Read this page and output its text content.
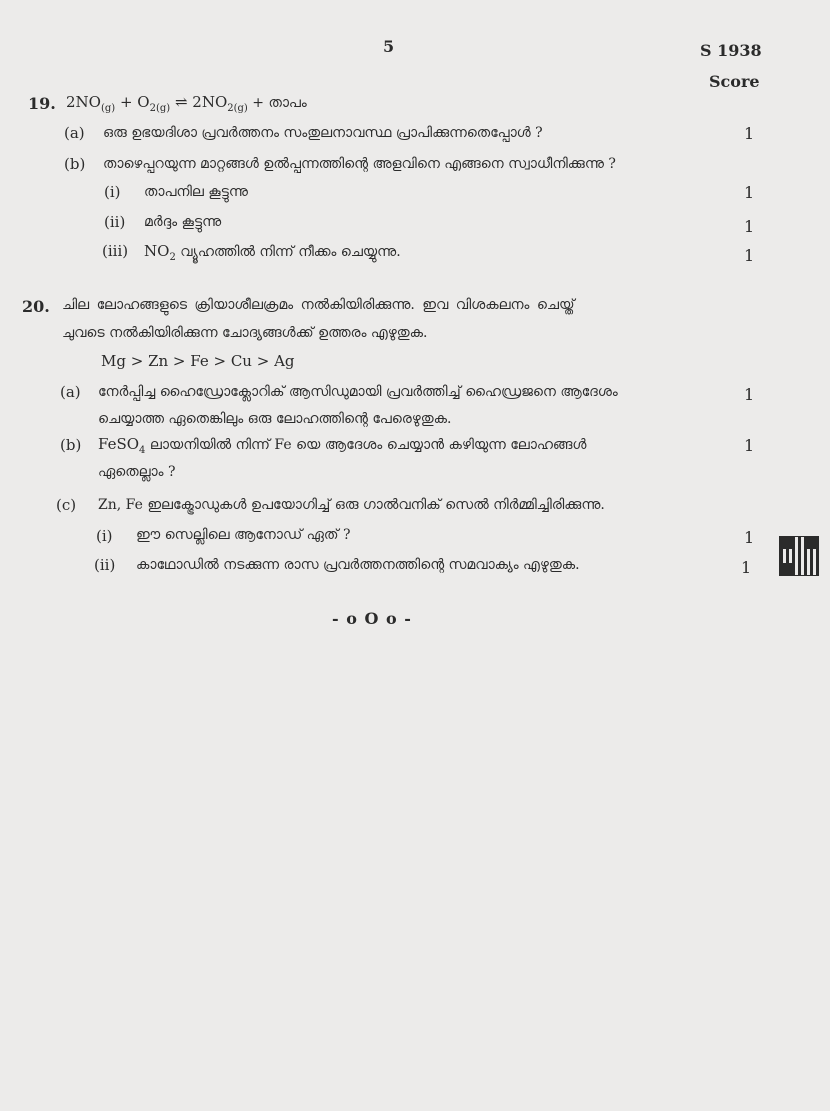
5	S 1938
Score
19. $2NO_{(g)} + O_{2(g)}$ ⇌ $2NO_{2(g)}$ + താപം
(a) ഒരു ഉഭയദിശാ പ്രവർത്തനം സംതുലനാവസ്ഥ പ്രാപിക്കുന്നതെപ്പോൾ ?	1
(b) താഴെപ്പറയുന്ന മാറ്റങ്ങൾ ഉൽപ്പന്നത്തിന്റെ അളവിനെ എങ്ങനെ സ്വാധീനിക്കുന്നു ?
(i) താപനില കൂട്ടുന്നു	1
(ii) മർദ്ദം കൂട്ടുന്നു	1
(iii) $NO_2$ വ്യൂഹത്തിൽ നിന്ന് നീക്കം ചെയ്യുന്നു.	1
20. ചില ലോഹങ്ങളുടെ ക്രിയാശീലക്രമം നൽകിയിരിക്കുന്നു. ഇവ വിശകലനം ചെയ്ത്
ചുവടെ നൽകിയിരിക്കുന്ന ചോദ്യങ്ങൾക്ക് ഉത്തരം എഴുതുക.
Mg > Zn > Fe > Cu > Ag
(a) നേർപ്പിച്ച ഹൈഡ്രോക്ലോറിക് ആസിഡുമായി പ്രവർത്തിച്ച് ഹൈഡ്രജനെ ആദേശം
ചെയ്യാത്ത ഏതെങ്കിലും ഒരു ലോഹത്തിന്റെ പേരെഴുതുക.
1
(b) FeSO$_4$ ലായനിയിൽ നിന്ന് Fe യെ ആദേശം ചെയ്യാൻ കഴിയുന്ന ലോഹങ്ങൾ
ഏതെല്ലാം ?
1
(c) Zn, Fe ഇലക്ട്രോഡുകൾ ഉപയോഗിച്ച് ഒരു ഗാൽവനിക് സെൽ നിർമ്മിച്ചിരിക്കുന്നു.
(i) ഈ സെല്ലിലെ ആനോഡ് ഏത് ?	1
(ii) കാഥോഡിൽ നടക്കുന്ന രാസ പ്രവർത്തനത്തിന്റെ സമവാക്യം എഴുതുക.	1
- o O o -
